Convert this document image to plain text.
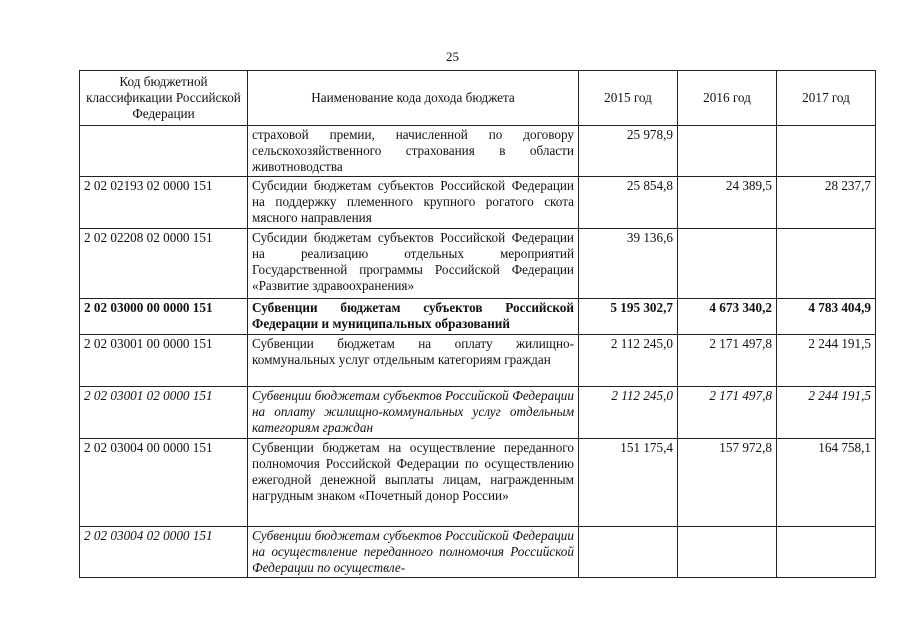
25
Код бюджетной классификации Российской Федерации	Наименование кода дохода бюджета	2015 год	2016 год	2017 год
	страховой премии, начисленной по договору сельскохозяйственного страхования в области животноводства	25 978,9		
2 02 02193 02 0000 151	Субсидии бюджетам субъектов Российской Федерации на поддержку племенного крупного рогатого скота мясного направления	25 854,8	24 389,5	28 237,7
2 02 02208 02 0000 151	Субсидии бюджетам субъектов Российской Федерации на реализацию отдельных мероприятий Государственной программы Российской Федерации «Развитие здравоохранения»	39 136,6		
2 02 03000 00 0000 151	Субвенции бюджетам субъектов Российской Федерации и муниципальных образований	5 195 302,7	4 673 340,2	4 783 404,9
2 02 03001 00 0000 151	Субвенции бюджетам на оплату жилищно-коммунальных услуг отдельным категориям граждан	2 112 245,0	2 171 497,8	2 244 191,5
2 02 03001 02 0000 151	Субвенции бюджетам субъектов Российской Федерации на оплату жилищно-коммунальных услуг отдельным категориям граждан	2 112 245,0	2 171 497,8	2 244 191,5
2 02 03004 00 0000 151	Субвенции бюджетам на осуществление переданного полномочия Российской Федерации по осуществлению ежегодной денежной выплаты лицам, награжденным нагрудным знаком «Почетный донор России»	151 175,4	157 972,8	164 758,1
2 02 03004 02 0000 151	Субвенции бюджетам субъектов Российской Федерации на осуществление переданного полномочия Российской Федерации по осуществле-			
